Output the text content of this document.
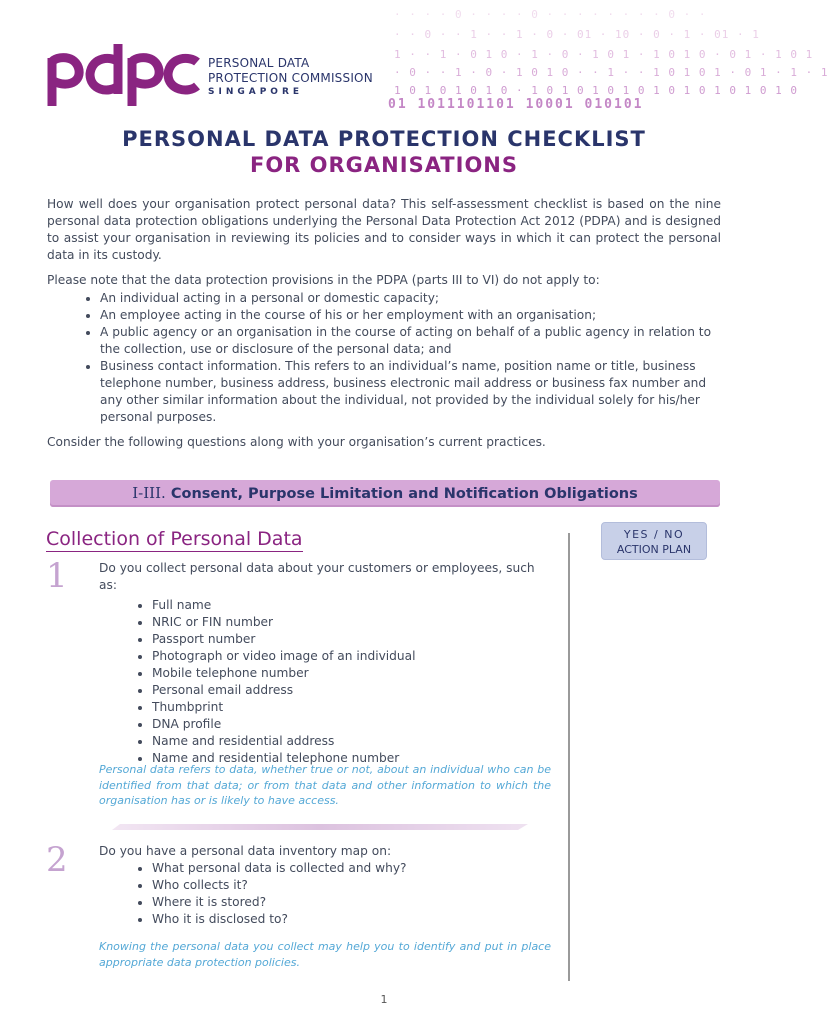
· · · · 0 · · · · 0 · · · · · · · · 0 · ·
· · 0 · · 1 · · 1 · 0 · 01 · 10 · 0 · 1 · 01 · 1
1 · · 1 · 0 1 0 · 1 · 0 · 1 0 1 · 1 0 1 0 · 0 1 · 1 0 1
· 0 · · 1 · 0 · 1 0 1 0 · · 1 · · 1 0 1 0 1 · 0 1 · 1 · 1
1 0 1 0 1 0 1 0 · 1 0 1 0 1 0 1 0 1 0 1 0 1 0 1 0 1 0
01 1011101101 10001 010101
PERSONAL DATA
PROTECTION COMMISSION
SINGAPORE
PERSONAL DATA PROTECTION CHECKLIST
FOR ORGANISATIONS

How well does your organisation protect personal data? This self-assessment checklist is based on the nine personal data protection obligations underlying the Personal Data Protection Act 2012 (PDPA) and is designed to assist your organisation in reviewing its policies and to consider ways in which it can protect the personal data in its custody.

Please note that the data protection provisions in the PDPA (parts III to VI) do not apply to:

• An individual acting in a personal or domestic capacity;
• An employee acting in the course of his or her employment with an organisation;
• A public agency or an organisation in the course of acting on behalf of a public agency in relation to the collection, use or disclosure of the personal data; and
• Business contact information. This refers to an individual’s name, position name or title, business telephone number, business address, business electronic mail address or business fax number and any other similar information about the individual, not provided by the individual solely for his/her personal purposes.

Consider the following questions along with your organisation’s current practices.

I-III. Consent, Purpose Limitation and Notification Obligations
Collection of Personal Data	YES / NO
ACTION PLAN
1	Do you collect personal data about your customers or employees, such as:

• Full name
• NRIC or FIN number
• Passport number
• Photograph or video image of an individual
• Mobile telephone number
• Personal email address
• Thumbprint
• DNA profile
• Name and residential address
• Name and residential telephone number
Personal data refers to data, whether true or not, about an individual who can be identified from that data; or from that data and other information to which the organisation has or is likely to have access.
2	Do you have a personal data inventory map on:

• What personal data is collected and why?
• Who collects it?
• Where it is stored?
• Who it is disclosed to?
Knowing the personal data you collect may help you to identify and put in place appropriate data protection policies.
1
